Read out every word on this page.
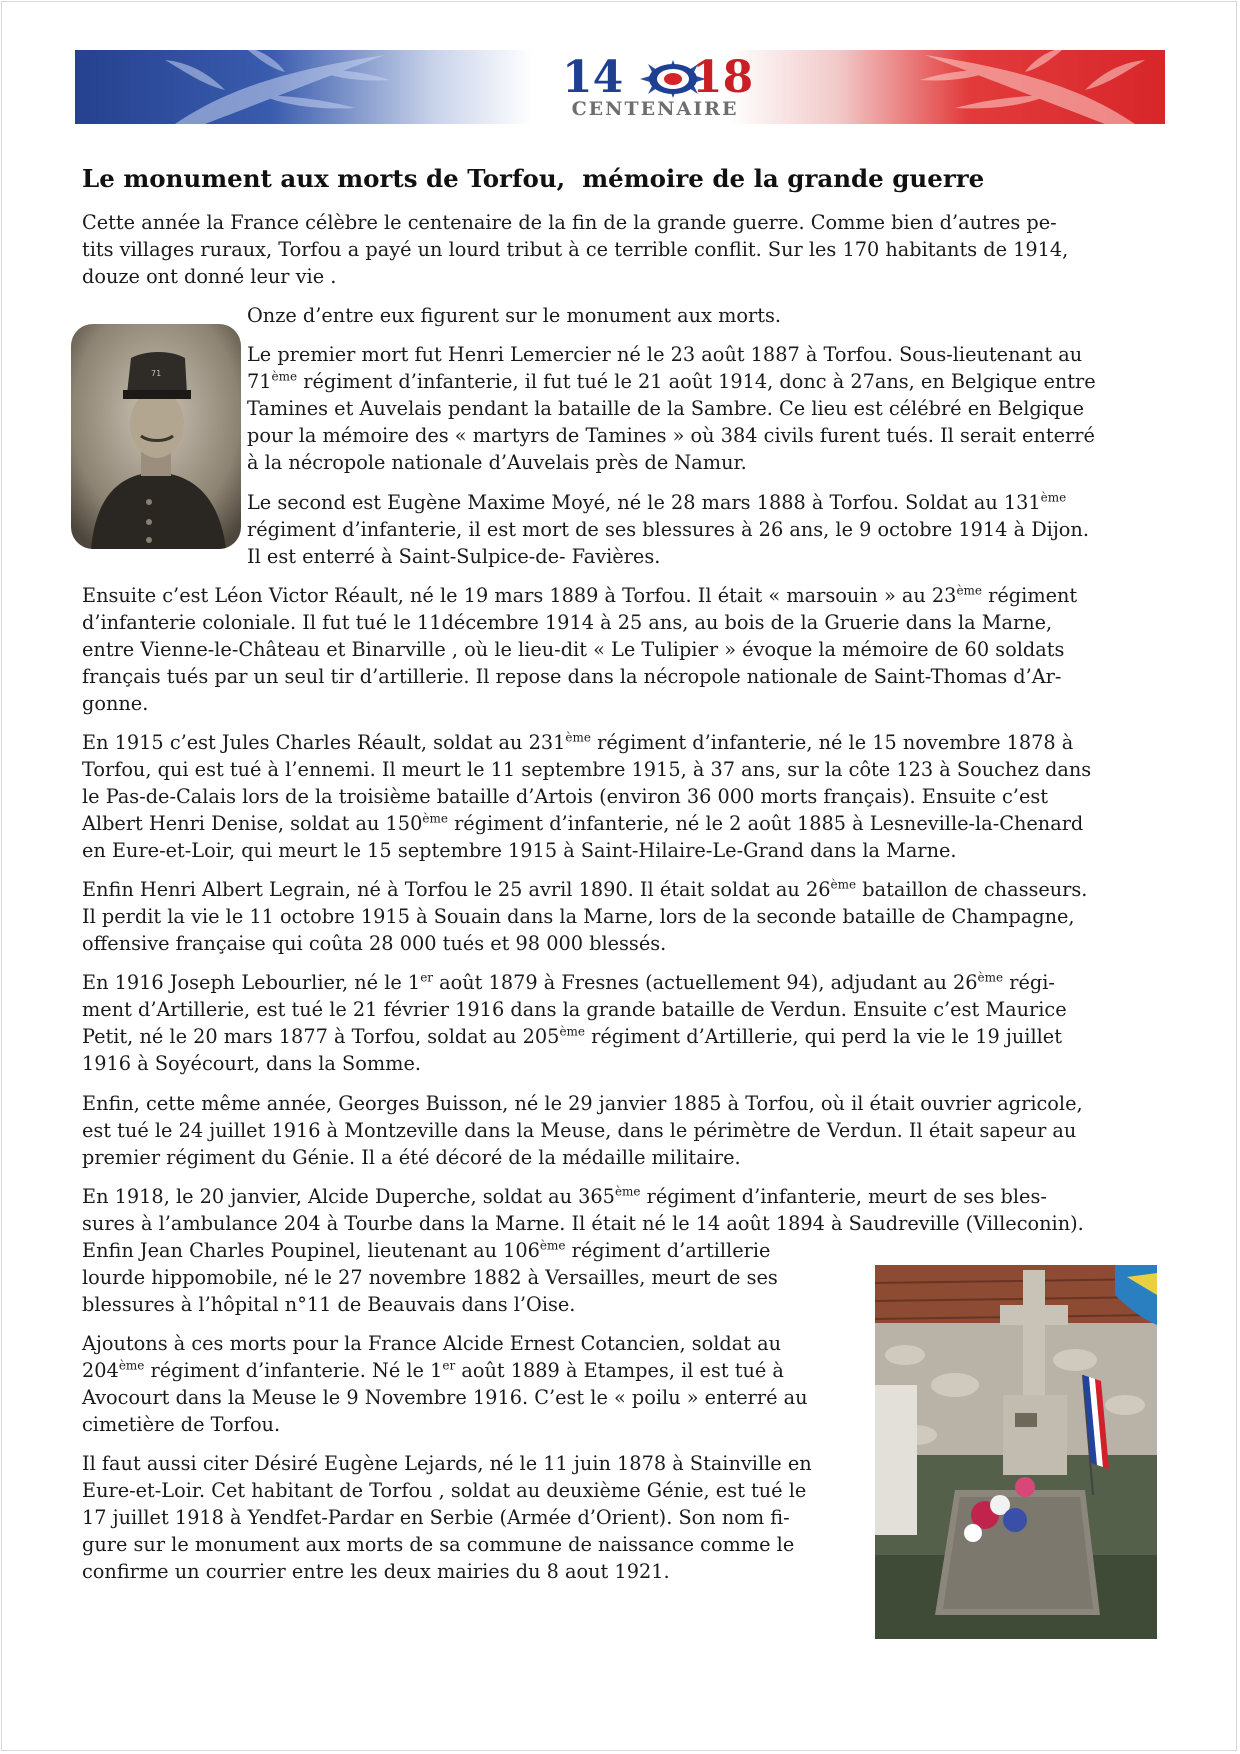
14 18
CENTENAIRE
Le monument aux morts de Torfou,  mémoire de la grande guerre
Cette année la France célèbre le centenaire de la fin de la grande guerre. Comme bien d’autres pe-
tits villages ruraux, Torfou a payé un lourd tribut à ce terrible conflit. Sur les 170 habitants de 1914,
douze ont donné leur vie .
Onze d’entre eux figurent sur le monument aux morts.
71
Le premier mort fut Henri Lemercier né le 23 août 1887 à Torfou. Sous-lieutenant au
71ème régiment d’infanterie, il fut tué le 21 août 1914, donc à 27ans, en Belgique entre
Tamines et Auvelais pendant la bataille de la Sambre. Ce lieu est célébré en Belgique
pour la mémoire des « martyrs de Tamines » où 384 civils furent tués. Il serait enterré
à la nécropole nationale d’Auvelais près de Namur.
Le second est Eugène Maxime Moyé, né le 28 mars 1888 à Torfou. Soldat au 131ème
régiment d’infanterie, il est mort de ses blessures à 26 ans, le 9 octobre 1914 à Dijon.
Il est enterré à Saint-Sulpice-de- Favières.
Ensuite c’est Léon Victor Réault, né le 19 mars 1889 à Torfou. Il était « marsouin » au 23ème régiment
d’infanterie coloniale. Il fut tué le 11décembre 1914 à 25 ans, au bois de la Gruerie dans la Marne,
entre Vienne-le-Château et Binarville , où le lieu-dit « Le Tulipier » évoque la mémoire de 60 soldats
français tués par un seul tir d’artillerie. Il repose dans la nécropole nationale de Saint-Thomas d’Ar-
gonne.
En 1915 c’est Jules Charles Réault, soldat au 231ème régiment d’infanterie, né le 15 novembre 1878 à
Torfou, qui est tué à l’ennemi. Il meurt le 11 septembre 1915, à 37 ans, sur la côte 123 à Souchez dans
le Pas-de-Calais lors de la troisième bataille d’Artois (environ 36 000 morts français). Ensuite c’est
Albert Henri Denise, soldat au 150ème régiment d’infanterie, né le 2 août 1885 à Lesneville-la-Chenard
en Eure-et-Loir, qui meurt le 15 septembre 1915 à Saint-Hilaire-Le-Grand dans la Marne.
Enfin Henri Albert Legrain, né à Torfou le 25 avril 1890. Il était soldat au 26ème bataillon de chasseurs.
Il perdit la vie le 11 octobre 1915 à Souain dans la Marne, lors de la seconde bataille de Champagne,
offensive française qui coûta 28 000 tués et 98 000 blessés.
En 1916 Joseph Lebourlier, né le 1er août 1879 à Fresnes (actuellement 94), adjudant au 26ème régi-
ment d’Artillerie, est tué le 21 février 1916 dans la grande bataille de Verdun. Ensuite c’est Maurice
Petit, né le 20 mars 1877 à Torfou, soldat au 205ème régiment d’Artillerie, qui perd la vie le 19 juillet
1916 à Soyécourt, dans la Somme.
Enfin, cette même année, Georges Buisson, né le 29 janvier 1885 à Torfou, où il était ouvrier agricole,
est tué le 24 juillet 1916 à Montzeville dans la Meuse, dans le périmètre de Verdun. Il était sapeur au
premier régiment du Génie. Il a été décoré de la médaille militaire.
En 1918, le 20 janvier, Alcide Duperche, soldat au 365ème régiment d’infanterie, meurt de ses bles-
sures à l’ambulance 204 à Tourbe dans la Marne. Il était né le 14 août 1894 à Saudreville (Villeconin).
Enfin Jean Charles Poupinel, lieutenant au 106ème régiment d’artillerie
lourde hippomobile, né le 27 novembre 1882 à Versailles, meurt de ses
blessures à l’hôpital n°11 de Beauvais dans l’Oise.
Ajoutons à ces morts pour la France Alcide Ernest Cotancien, soldat au
204ème régiment d’infanterie. Né le 1er août 1889 à Etampes, il est tué à
Avocourt dans la Meuse le 9 Novembre 1916. C’est le « poilu » enterré au
cimetière de Torfou.
Il faut aussi citer Désiré Eugène Lejards, né le 11 juin 1878 à Stainville en
Eure-et-Loir. Cet habitant de Torfou , soldat au deuxième Génie, est tué le
17 juillet 1918 à Yendfet-Pardar en Serbie (Armée d’Orient). Son nom fi-
gure sur le monument aux morts de sa commune de naissance comme le
confirme un courrier entre les deux mairies du 8 aout 1921.
